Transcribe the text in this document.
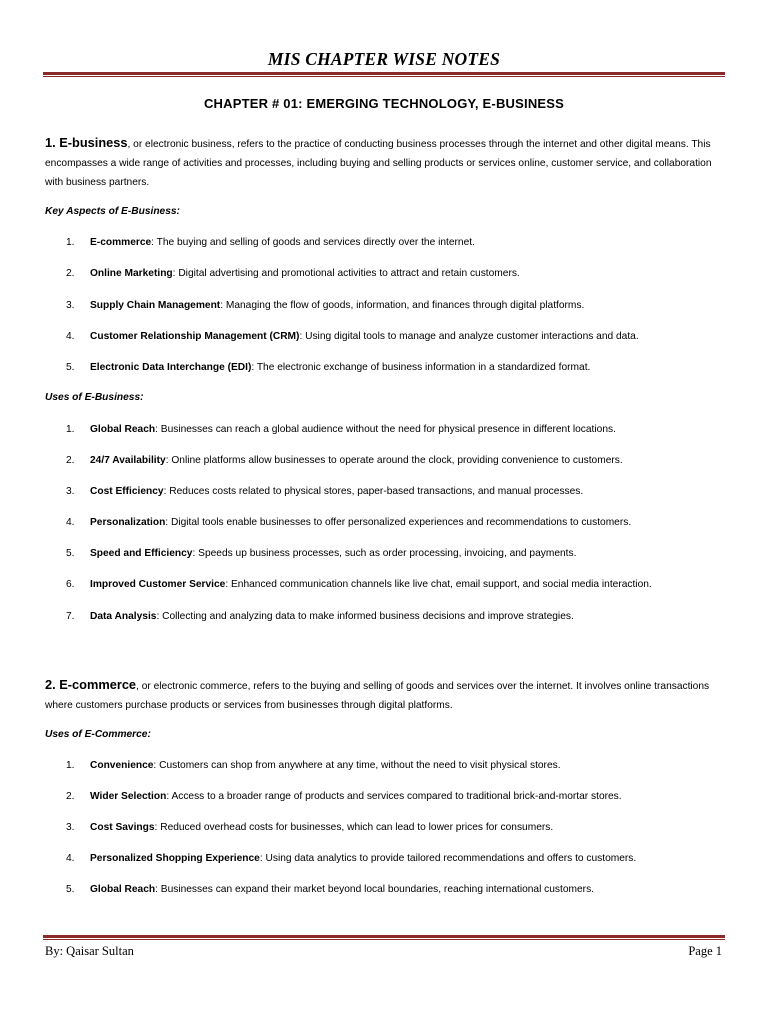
MIS CHAPTER WISE NOTES
CHAPTER # 01: EMERGING TECHNOLOGY, E-BUSINESS

1. E-business, or electronic business, refers to the practice of conducting business processes through the internet and other digital means. This encompasses a wide range of activities and processes, including buying and selling products or services online, customer service, and collaboration with business partners.

Key Aspects of E-Business:

1.	E-commerce: The buying and selling of goods and services directly over the internet.
2.	Online Marketing: Digital advertising and promotional activities to attract and retain customers.
3.	Supply Chain Management: Managing the flow of goods, information, and finances through digital platforms.
4.	Customer Relationship Management (CRM): Using digital tools to manage and analyze customer interactions and data.
5.	Electronic Data Interchange (EDI): The electronic exchange of business information in a standardized format.

Uses of E-Business:

1.	Global Reach: Businesses can reach a global audience without the need for physical presence in different locations.
2.	24/7 Availability: Online platforms allow businesses to operate around the clock, providing convenience to customers.
3.	Cost Efficiency: Reduces costs related to physical stores, paper-based transactions, and manual processes.
4.	Personalization: Digital tools enable businesses to offer personalized experiences and recommendations to customers.
5.	Speed and Efficiency: Speeds up business processes, such as order processing, invoicing, and payments.
6.	Improved Customer Service: Enhanced communication channels like live chat, email support, and social media interaction.
7.	Data Analysis: Collecting and analyzing data to make informed business decisions and improve strategies.

2. E-commerce, or electronic commerce, refers to the buying and selling of goods and services over the internet. It involves online transactions where customers purchase products or services from businesses through digital platforms.

Uses of E-Commerce:

1.	Convenience: Customers can shop from anywhere at any time, without the need to visit physical stores.
2.	Wider Selection: Access to a broader range of products and services compared to traditional brick-and-mortar stores.
3.	Cost Savings: Reduced overhead costs for businesses, which can lead to lower prices for consumers.
4.	Personalized Shopping Experience: Using data analytics to provide tailored recommendations and offers to customers.
5.	Global Reach: Businesses can expand their market beyond local boundaries, reaching international customers.
By: Qaisar Sultan	Page 1
